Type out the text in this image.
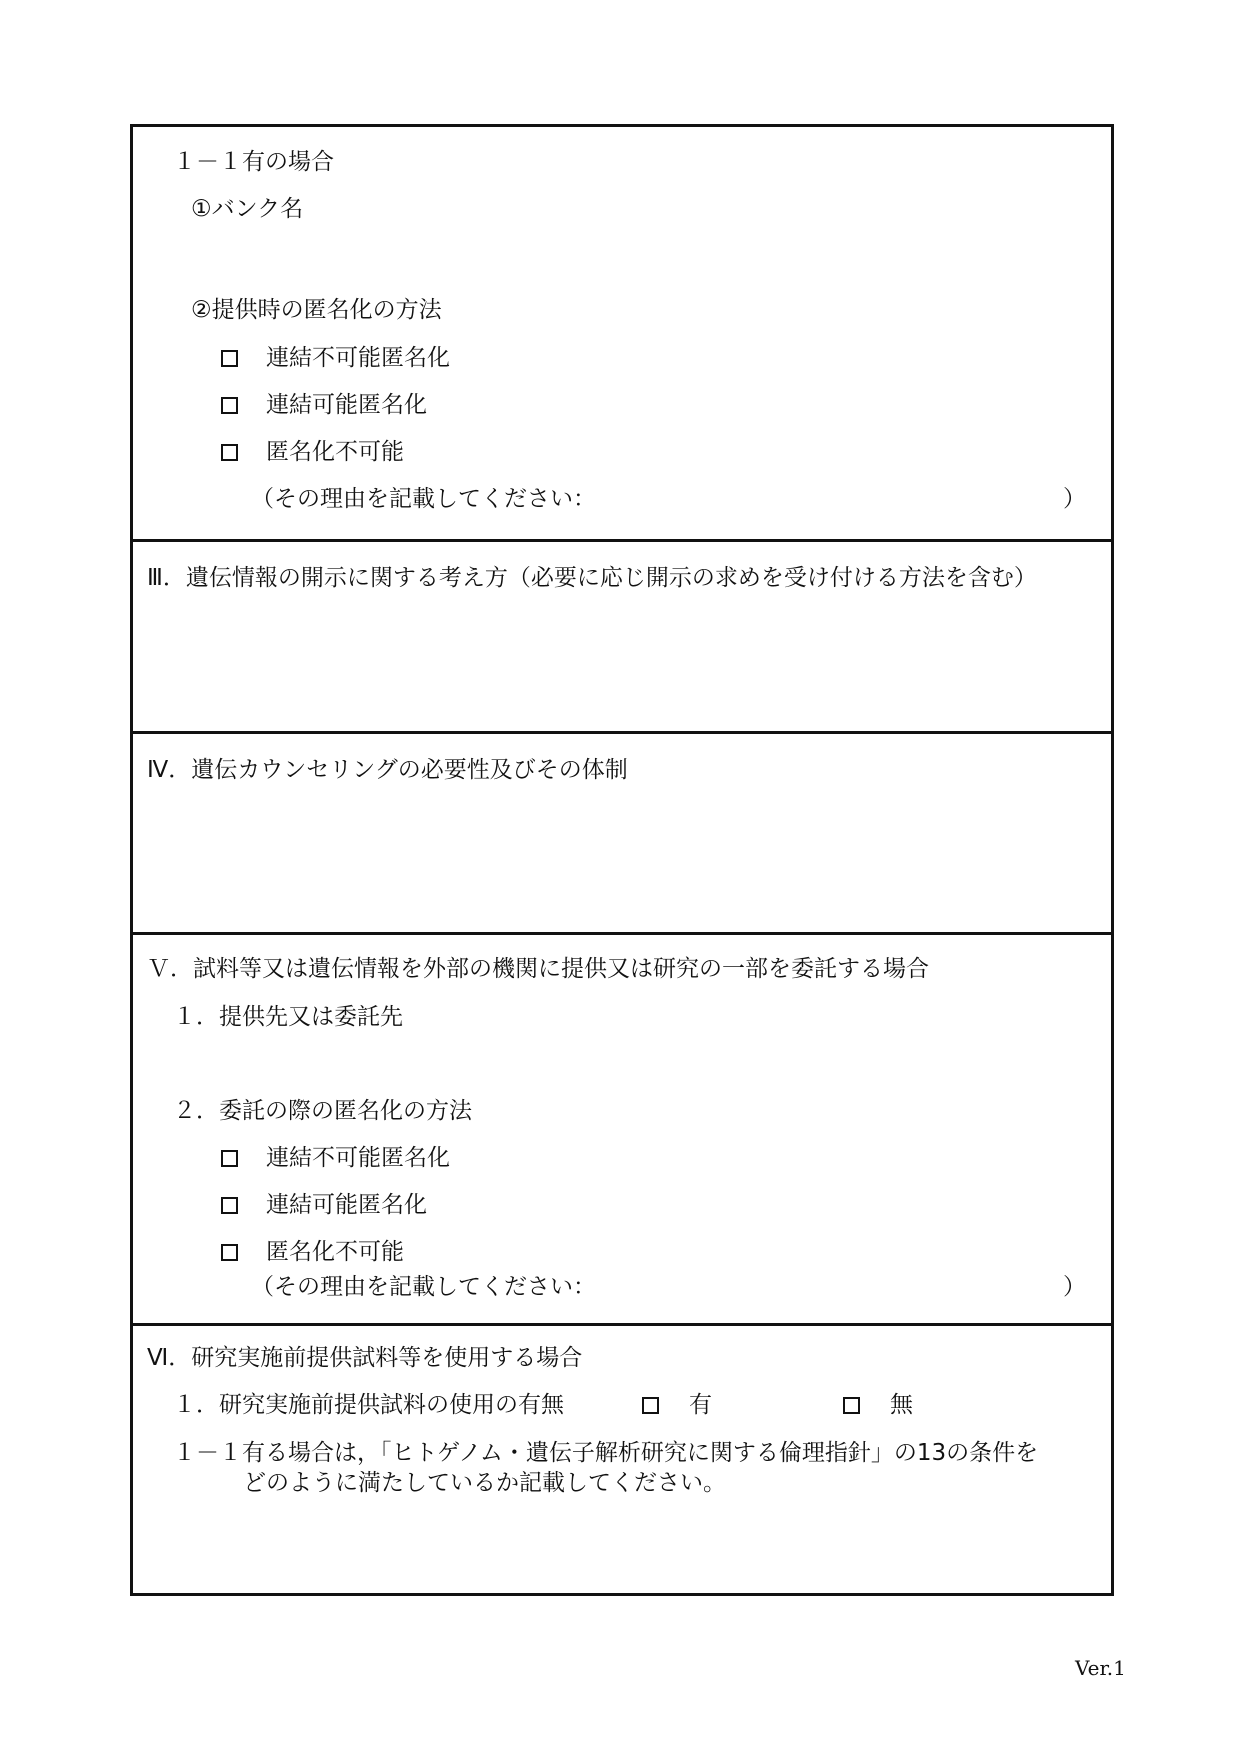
１－１有の場合
①バンク名
②提供時の匿名化の方法
連結不可能匿名化
連結可能匿名化
匿名化不可能
（その理由を記載してください：	）
Ⅲ．遺伝情報の開示に関する考え方（必要に応じ開示の求めを受け付ける方法を含む）
Ⅳ．遺伝カウンセリングの必要性及びその体制
Ｖ．試料等又は遺伝情報を外部の機関に提供又は研究の一部を委託する場合
１．提供先又は委託先
２．委託の際の匿名化の方法
連結不可能匿名化
連結可能匿名化
匿名化不可能
（その理由を記載してください：	）
Ⅵ．研究実施前提供試料等を使用する場合
１．研究実施前提供試料の使用の有無	有	無
１－１有る場合は，「ヒトゲノム・遺伝子解析研究に関する倫理指針」の13の条件を
どのように満たしているか記載してください。
Ver.1
